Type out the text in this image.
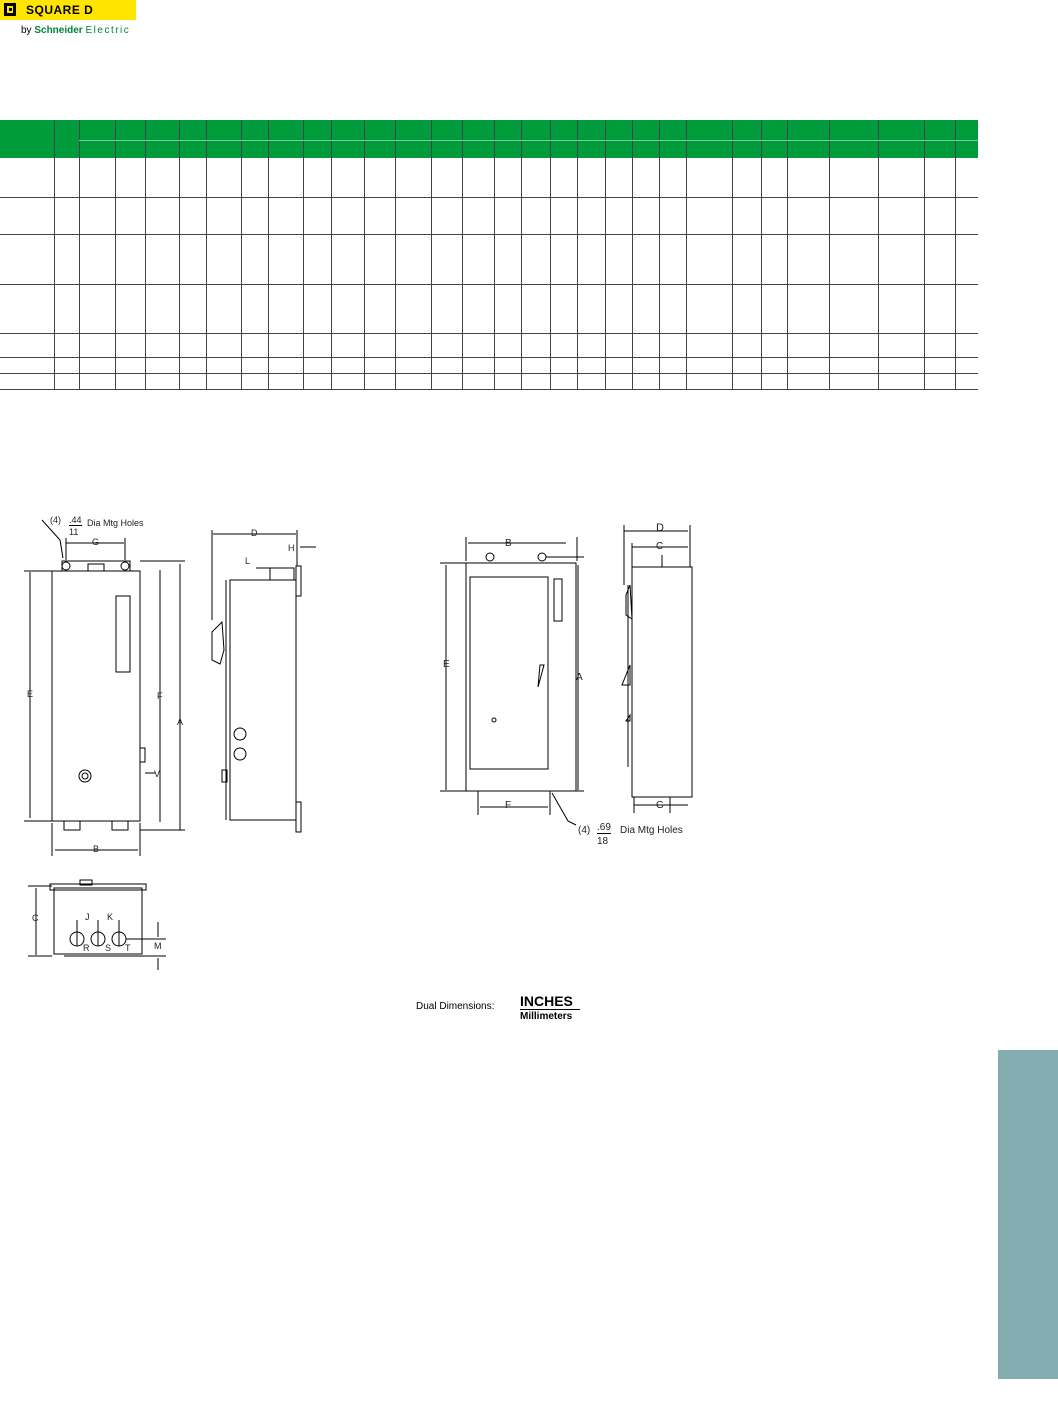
SQUARE D
by Schneider Electric
(4) .44
11
Dia Mtg Holes
G
E	F
A
V
B
D
H
L
C	J K
M
R S T
B
E
A
F
D
C
G
(4) .69
18
Dia Mtg Holes
Dual Dimensions: INCHES
Millimeters
